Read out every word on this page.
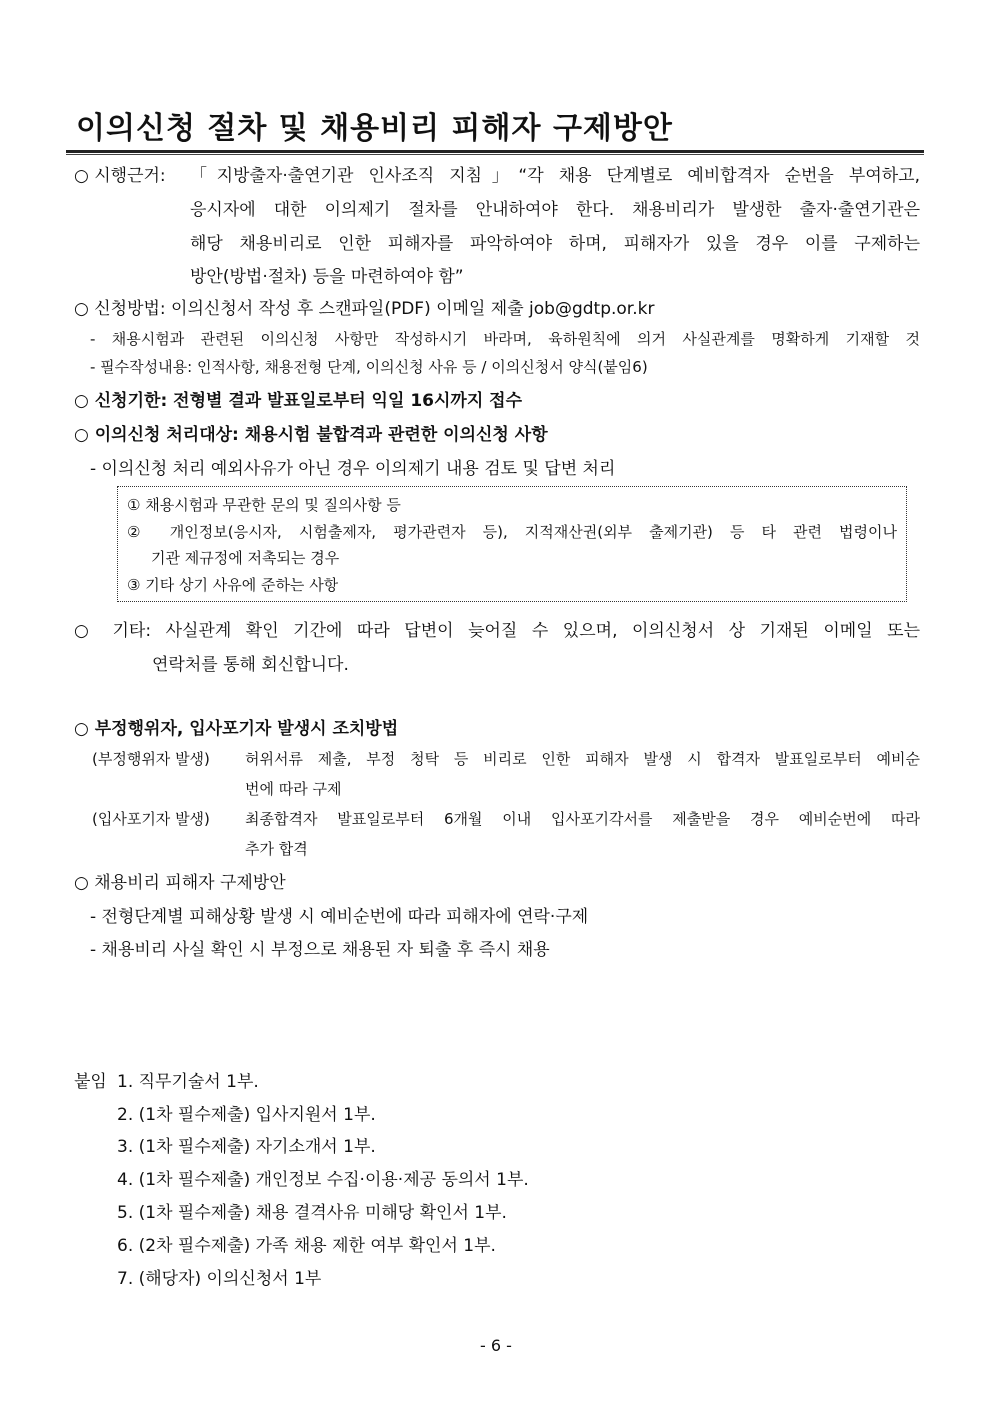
이의신청 절차 및 채용비리 피해자 구제방안
○ 시행근거: 「지방출자·출연기관 인사조직 지침」“각 채용 단계별로 예비합격자 순번을 부여하고,
응시자에 대한 이의제기 절차를 안내하여야 한다. 채용비리가 발생한 출자·출연기관은
해당 채용비리로 인한 피해자를 파악하여야 하며, 피해자가 있을 경우 이를 구제하는
방안(방법·절차) 등을 마련하여야 함”
○ 신청방법: 이의신청서 작성 후 스캔파일(PDF) 이메일 제출 job@gdtp.or.kr
- 채용시험과 관련된 이의신청 사항만 작성하시기 바라며, 육하원칙에 의거 사실관계를 명확하게 기재할 것
- 필수작성내용: 인적사항, 채용전형 단계, 이의신청 사유 등 / 이의신청서 양식(붙임6)
○ 신청기한: 전형별 결과 발표일로부터 익일 16시까지 접수
○ 이의신청 처리대상: 채용시험 불합격과 관련한 이의신청 사항
- 이의신청 처리 예외사유가 아닌 경우 이의제기 내용 검토 및 답변 처리
① 채용시험과 무관한 문의 및 질의사항 등
② 개인정보(응시자, 시험출제자, 평가관련자 등), 지적재산권(외부 출제기관) 등 타 관련 법령이나
기관 제규정에 저촉되는 경우
③ 기타 상기 사유에 준하는 사항
○ 기타: 사실관계 확인 기간에 따라 답변이 늦어질 수 있으며, 이의신청서 상 기재된 이메일 또는
연락처를 통해 회신합니다.
○ 부정행위자, 입사포기자 발생시 조치방법
(부정행위자 발생) 허위서류 제출, 부정 청탁 등 비리로 인한 피해자 발생 시 합격자 발표일로부터 예비순
번에 따라 구제
(입사포기자 발생) 최종합격자 발표일로부터 6개월 이내 입사포기각서를 제출받을 경우 예비순번에 따라
추가 합격
○ 채용비리 피해자 구제방안
- 전형단계별 피해상황 발생 시 예비순번에 따라 피해자에 연락·구제
- 채용비리 사실 확인 시 부정으로 채용된 자 퇴출 후 즉시 채용
붙임 1. 직무기술서 1부.
2. (1차 필수제출) 입사지원서 1부.
3. (1차 필수제출) 자기소개서 1부.
4. (1차 필수제출) 개인정보 수집·이용·제공 동의서 1부.
5. (1차 필수제출) 채용 결격사유 미해당 확인서 1부.
6. (2차 필수제출) 가족 채용 제한 여부 확인서 1부.
7. (해당자) 이의신청서 1부
- 6 -
